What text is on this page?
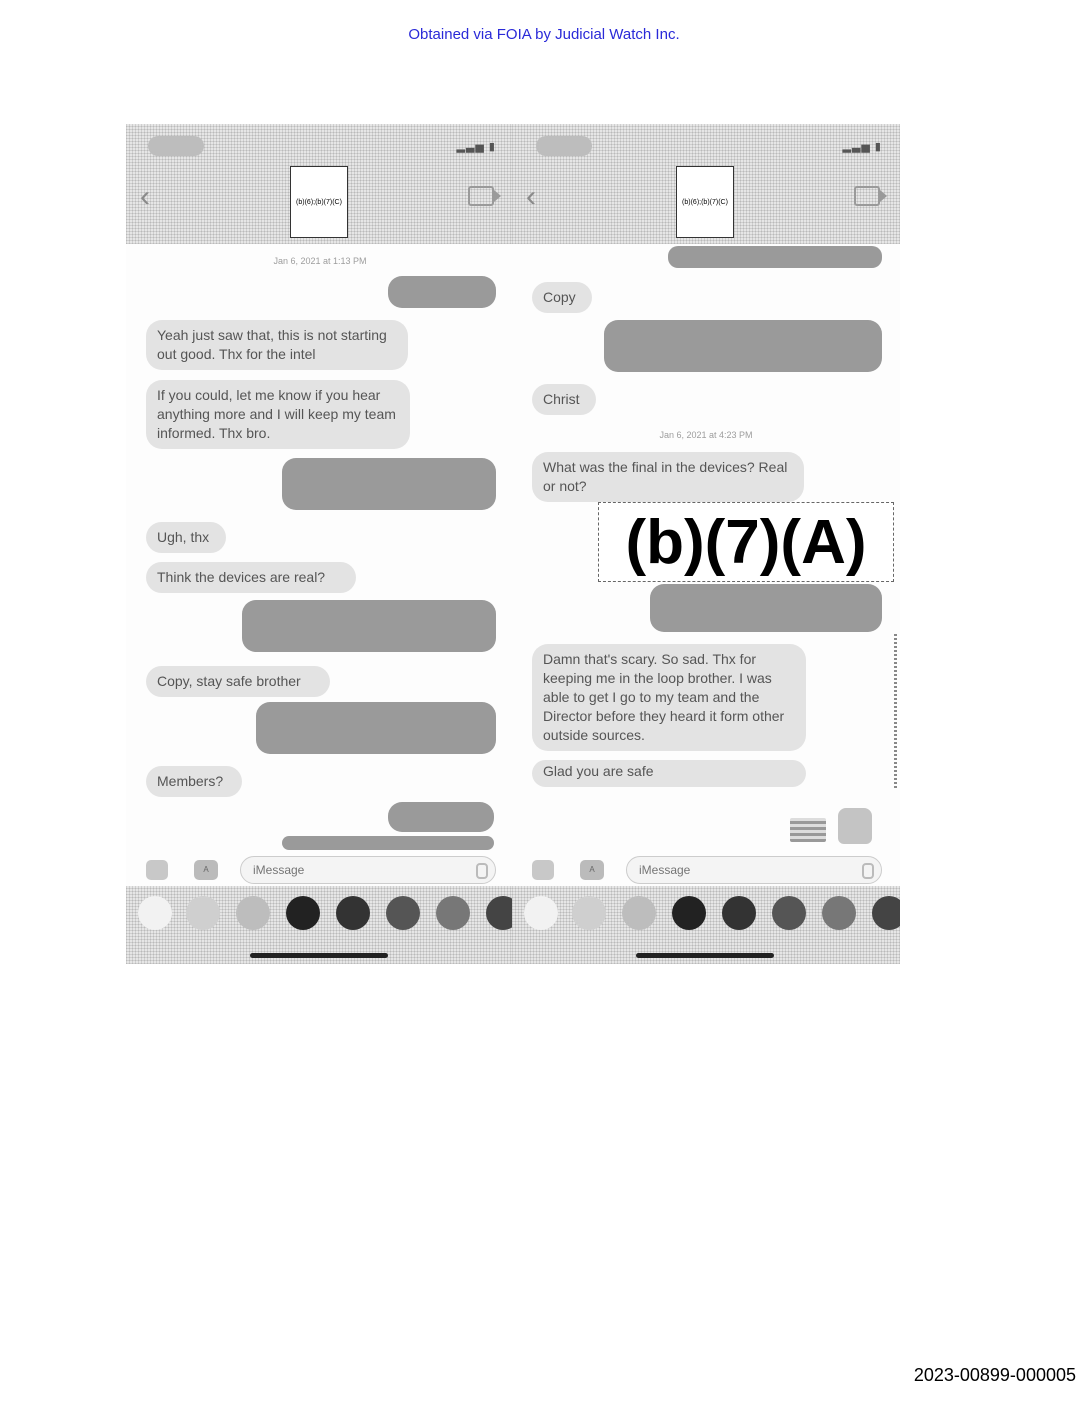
Obtained via FOIA by Judicial Watch Inc.
▂▃▅ ▮
‹	(b)(6);(b)(7)(C)
Jan 6, 2021 at 1:13 PM
Yeah just saw that, this is not starting out good. Thx for the intel
If you could, let me know if you hear anything more and I will keep my team informed. Thx bro.
Ugh, thx
Think the devices are real?
Copy, stay safe brother
Members?
A
iMessage
▂▃▅ ▮
‹	(b)(6);(b)(7)(C)
Copy
Christ
Jan 6, 2021 at 4:23 PM
What was the final in the devices? Real or not?
Damn that's scary. So sad. Thx for keeping me in the loop brother. I was able to get I go to my team and the Director before they heard it form other outside sources.
Glad you are safe
A
iMessage
(b)(7)(A)
2023-00899-000005
